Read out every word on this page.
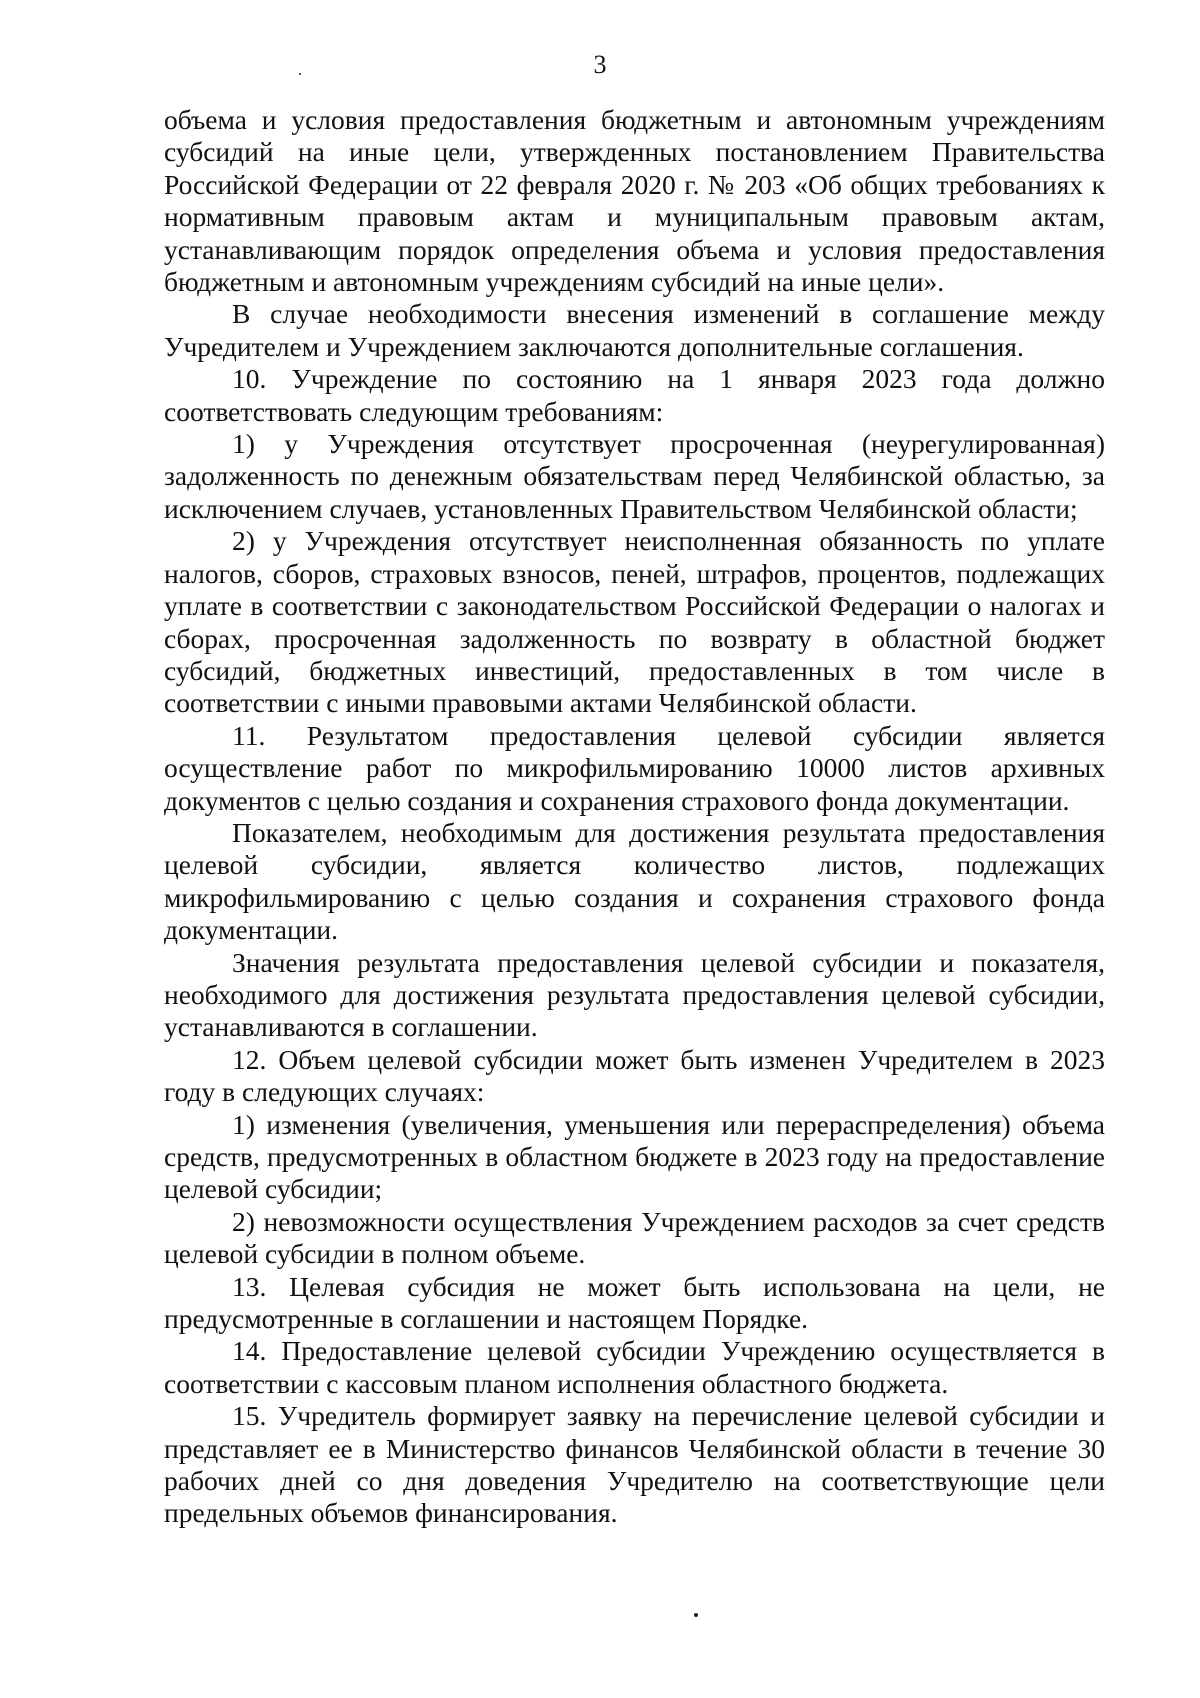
3

объема и условия предоставления бюджетным и автономным учреждениям субсидий на иные цели, утвержденных постановлением Правительства Российской Федерации от 22 февраля 2020 г. № 203 «Об общих требованиях к нормативным правовым актам и муниципальным правовым актам, устанавливающим порядок определения объема и условия предоставления бюджетным и автономным учреждениям субсидий на иные цели».

В случае необходимости внесения изменений в соглашение между Учредителем и Учреждением заключаются дополнительные соглашения.

10. Учреждение по состоянию на 1 января 2023 года должно соответствовать следующим требованиям:

1) у Учреждения отсутствует просроченная (неурегулированная) задолженность по денежным обязательствам перед Челябинской областью, за исключением случаев, установленных Правительством Челябинской области;

2) у Учреждения отсутствует неисполненная обязанность по уплате налогов, сборов, страховых взносов, пеней, штрафов, процентов, подлежащих уплате в соответствии с законодательством Российской Федерации о налогах и сборах, просроченная задолженность по возврату в областной бюджет субсидий, бюджетных инвестиций, предоставленных в том числе в соответствии с иными правовыми актами Челябинской области.

11. Результатом предоставления целевой субсидии является осуществление работ по микрофильмированию 10000 листов архивных документов с целью создания и сохранения страхового фонда документации.

Показателем, необходимым для достижения результата предоставления целевой субсидии, является количество листов, подлежащих микрофильмированию с целью создания и сохранения страхового фонда документации.

Значения результата предоставления целевой субсидии и показателя, необходимого для достижения результата предоставления целевой субсидии, устанавливаются в соглашении.

12. Объем целевой субсидии может быть изменен Учредителем в 2023 году в следующих случаях:

1) изменения (увеличения, уменьшения или перераспределения) объема средств, предусмотренных в областном бюджете в 2023 году на предоставление целевой субсидии;

2) невозможности осуществления Учреждением расходов за счет средств целевой субсидии в полном объеме.

13. Целевая субсидия не может быть использована на цели, не предусмотренные в соглашении и настоящем Порядке.

14. Предоставление целевой субсидии Учреждению осуществляется в соответствии с кассовым планом исполнения областного бюджета.

15. Учредитель формирует заявку на перечисление целевой субсидии и представляет ее в Министерство финансов Челябинской области в течение 30 рабочих дней со дня доведения Учредителю на соответствующие цели предельных объемов финансирования.
